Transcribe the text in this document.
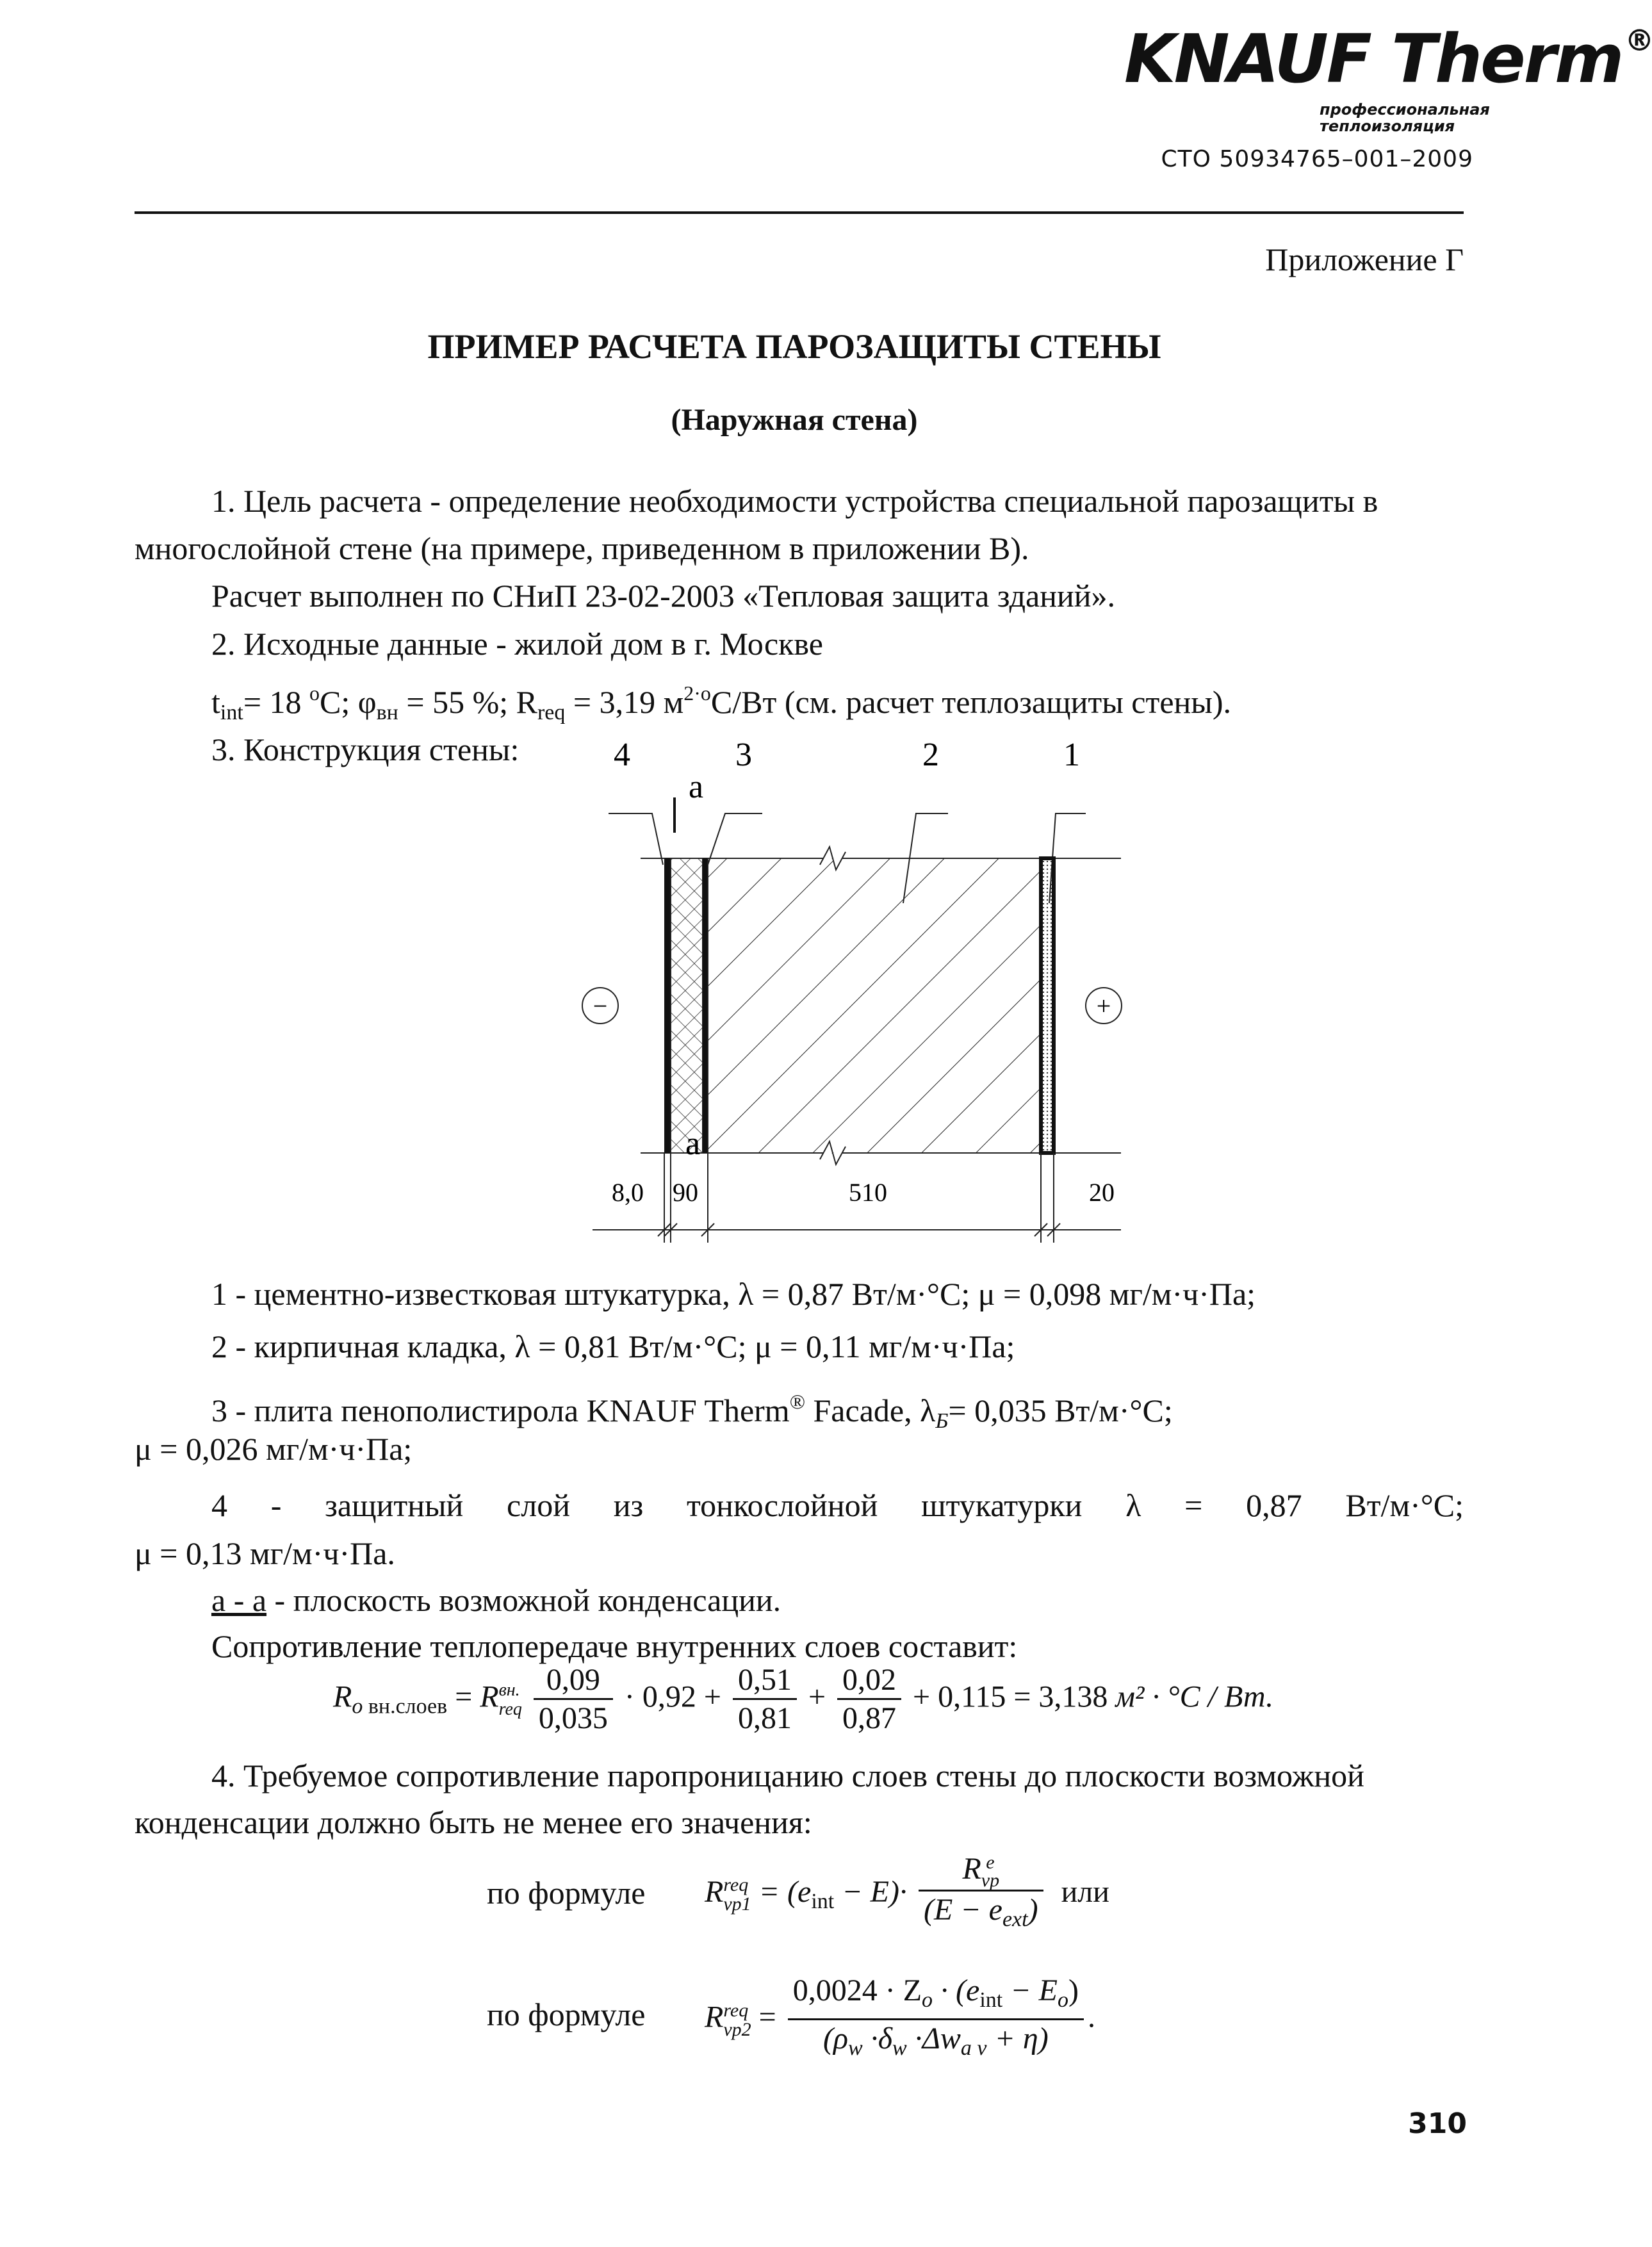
KNAUF Therm®
профессиональная
теплоизоляция
СТО 50934765–001–2009
Приложение Г
ПРИМЕР РАСЧЕТА ПАРОЗАЩИТЫ СТЕНЫ
(Наружная стена)
1. Цель расчета - определение необходимости устройства специальной парозащиты в
многослойной стене (на примере, приведенном в приложении В).
Расчет выполнен по СНиП 23-02-2003 «Тепловая защита зданий».
2. Исходные данные - жилой дом в г. Москве
$t_{int}= 18$ $^o$С; $\varphi_{вн} = 55$ %; $R_{req} = 3,19$ $м^{2\cdot o}С/Вт$ (см. расчет теплозащиты стены).
3. Конструкция стены:	4
a
3	2	1
−	+
a
8,0 90	510	20
1 - цементно-известковая штукатурка, λ = 0,87 Вт/м·°С; μ = 0,098 мг/м·ч·Па;
2 - кирпичная кладка, λ = 0,81 Вт/м·°С; μ = 0,11 мг/м·ч·Па;
3 - плита пенополистирола KNAUF Therm® Facade, $\lambda_Б= 0,035$ Вт/м·°С;
μ = 0,026 мг/м·ч·Па;
4 - защитный слой из тонкослойной штукатурки λ = 0,87 Вт/м·°С;
μ = 0,13 мг/м·ч·Па.
а - а - плоскость возможной конденсации.
Сопротивление теплопередаче внутренних слоев составит:
$R_o$ $_{вн.слоев}$ = R вн.
req
$\frac{0,09}{0,035} \cdot 0,92 + \frac{0,51}{0,81} + \frac{0,02}{0,87} + 0,115 = 3,138$ м² · °С / Вт.
4. Требуемое сопротивление паропроницанию слоев стены до плоскости возможной
конденсации должно быть не менее его значения:
по формуле R req
$vp1 = (e_{int} - E)\cdot R$ e
vp
$(E - e_{ext})$ или
по формуле R req
$vp2 = \frac{0,0024 \cdot Z_o \cdot (e_{int} - E_o)}{(\rho_w \cdot\delta_w \cdot\Delta w_{a v} + \eta)}$ .
310
